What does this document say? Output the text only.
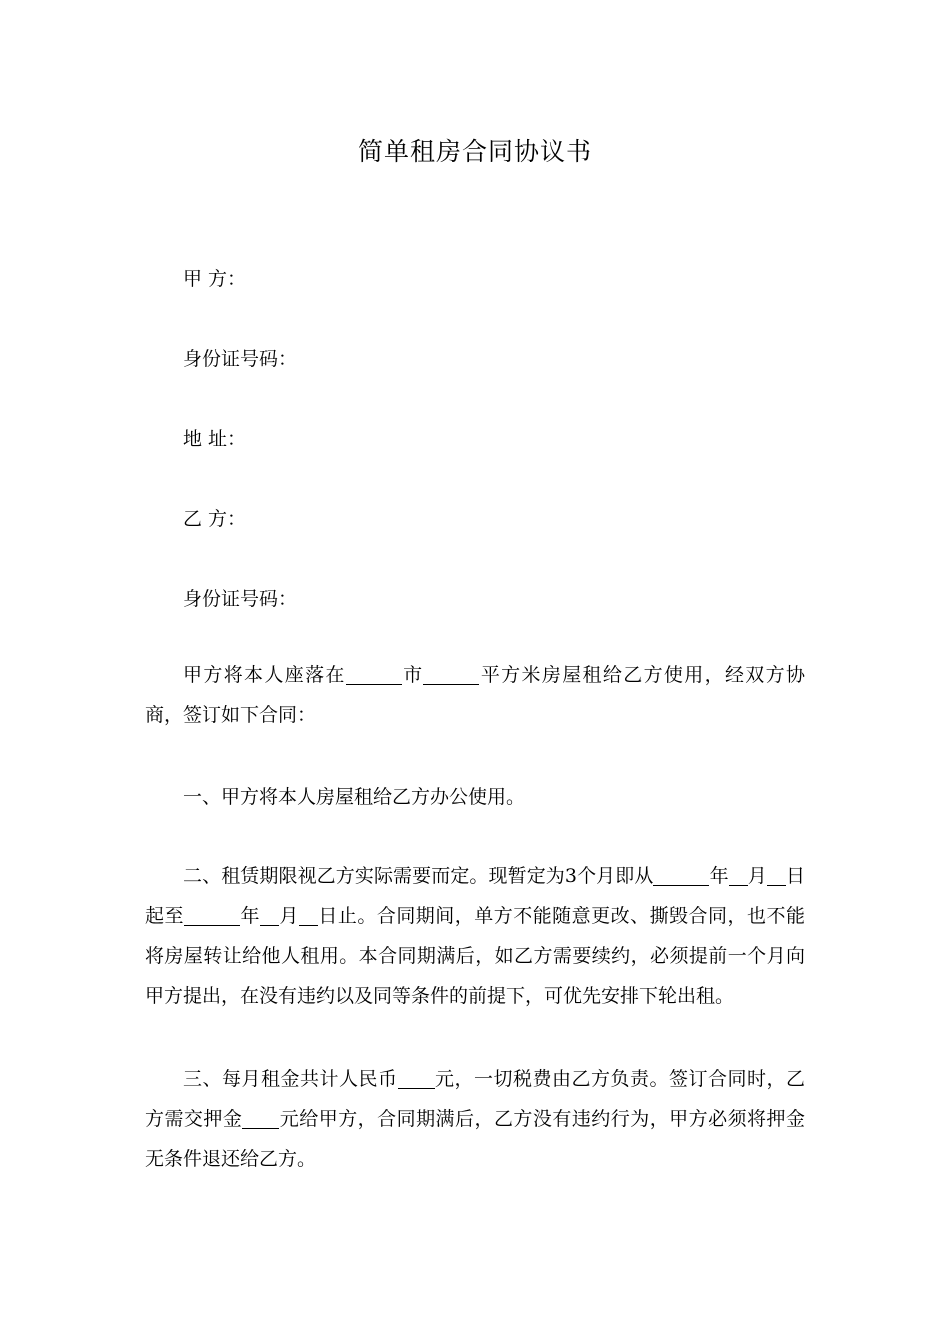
简单租房合同协议书
甲 方：
身份证号码：
地 址：
乙 方：
身份证号码：
甲方将本人座落在	市	平方米房屋租给乙方使用，经双方协商，签订如下合同：
一、甲方将本人房屋租给乙方办公使用。
二、租赁期限视乙方实际需要而定。现暂定为3个月即从	年 月 日起至	年 月 日止。合同期间，单方不能随意更改、撕毁合同，也不能将房屋转让给他人租用。本合同期满后，如乙方需要续约，必须提前一个月向甲方提出，在没有违约以及同等条件的前提下，可优先安排下轮出租。
三、每月租金共计人民币 元，一切税费由乙方负责。签订合同时，乙方需交押金 元给甲方，合同期满后，乙方没有违约行为，甲方必须将押金无条件退还给乙方。
